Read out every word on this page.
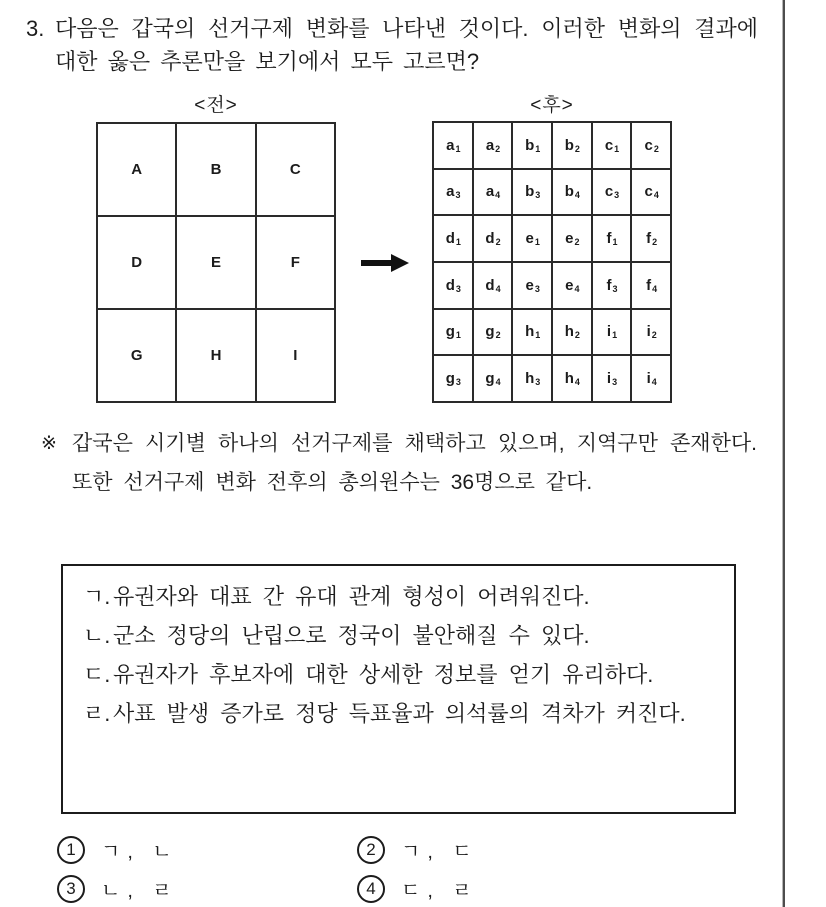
3. 다음은 갑국의 선거구제 변화를 나타낸 것이다. 이러한 변화의 결과에 대한 옳은 추론만을 보기에서 모두 고르면?
<전>	<후>
A	B	C
D	E	F
G	H	I
$a_1$ $a_2$ $b_1$ $b_2$ $c_1$ $c_2$
$a_3$ $a_4$ $b_3$ $b_4$ $c_3$ $c_4$
$d_1$ $d_2$ $e_1$ $e_2$ $f_1$ $f_2$
$d_3$ $d_4$ $e_3$ $e_4$ $f_3$ $f_4$
$g_1$ $g_2$ $h_1$ $h_2$ $i_1$ $i_2$
$g_3$ $g_4$ $h_3$ $h_4$ $i_3$ $i_4$
※ 갑국은 시기별 하나의 선거구제를 채택하고 있으며, 지역구만 존재한다. 또한 선거구제 변화 전후의 총의원수는 36명으로 같다.
ㄱ. 유권자와 대표 간 유대 관계 형성이 어려워진다.
ㄴ. 군소 정당의 난립으로 정국이 불안해질 수 있다.
ㄷ. 유권자가 후보자에 대한 상세한 정보를 얻기 유리하다.
ㄹ. 사표 발생 증가로 정당 득표율과 의석률의 격차가 커진다.
1	ㄱ, ㄴ	2	ㄱ, ㄷ
3	ㄴ, ㄹ	4	ㄷ, ㄹ
